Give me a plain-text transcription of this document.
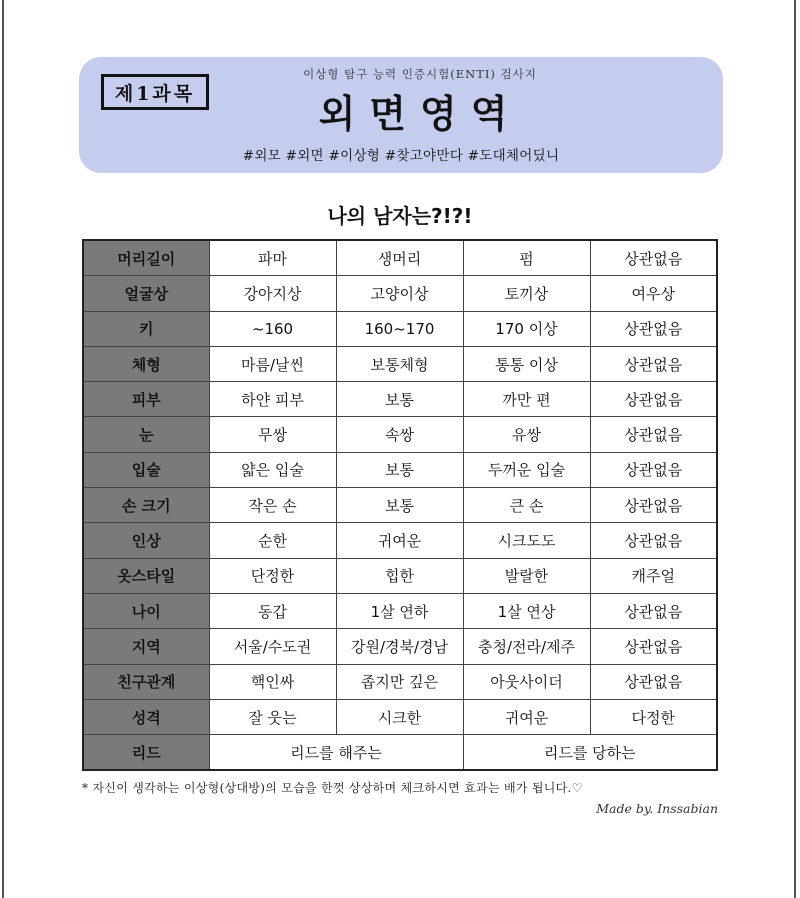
제1과목
이상형 탐구 능력 인증시험(ENTI) 검사지
외면영역
#외모 #외면 #이상형 #찾고야만다 #도대체어딨니
나의 남자는?!?!
머리길이	파마	생머리	펌	상관없음
얼굴상	강아지상	고양이상	토끼상	여우상
키	~160	160~170	170 이상	상관없음
체형	마름/날씬	보통체형	통통 이상	상관없음
피부	하얀 피부	보통	까만 편	상관없음
눈	무쌍	속쌍	유쌍	상관없음
입술	얇은 입술	보통	두꺼운 입술	상관없음
손 크기	작은 손	보통	큰 손	상관없음
인상	순한	귀여운	시크도도	상관없음
옷스타일	단정한	힙한	발랄한	캐주얼
나이	동갑	1살 연하	1살 연상	상관없음
지역	서울/수도권	강원/경북/경남	충청/전라/제주	상관없음
친구관계	핵인싸	좁지만 깊은	아웃사이더	상관없음
성격	잘 웃는	시크한	귀여운	다정한
리드	리드를 해주는		리드를 당하는	
* 자신이 생각하는 이상형(상대방)의 모습을 한껏 상상하며 체크하시면 효과는 배가 됩니다.♡
Made by. Inssabian
